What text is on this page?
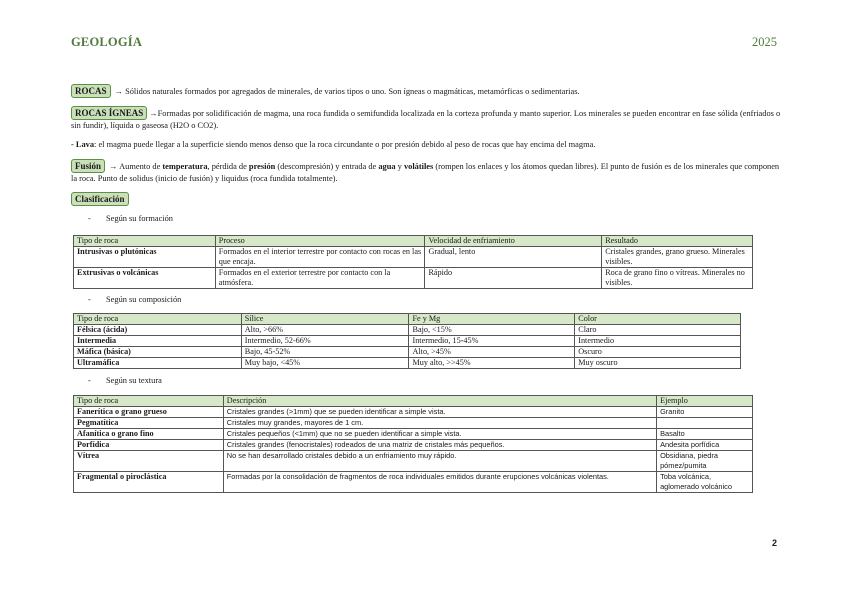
GEOLOGÍA	2025
ROCAS → Sólidos naturales formados por agregados de minerales, de varios tipos o uno. Son ígneas o magmáticas, metamórficas o sedimentarias.
ROCAS ÍGNEAS →Formadas por solidificación de magma, una roca fundida o semifundida localizada en la corteza profunda y manto superior. Los minerales se pueden encontrar en fase sólida (enfriados o sin fundir), líquida o gaseosa (H2O o CO2).
- Lava: el magma puede llegar a la superficie siendo menos denso que la roca circundante o por presión debido al peso de rocas que hay encima del magma.
Fusión → Aumento de temperatura, pérdida de presión (descompresión) y entrada de agua y volátiles (rompen los enlaces y los átomos quedan libres). El punto de fusión es de los minerales que componen la roca. Punto de solidus (inicio de fusión) y liquidus (roca fundida totalmente).
Clasificación
- Según su formación
Tipo de roca	Proceso	Velocidad de enfriamiento	Resultado
Intrusivas o plutónicas	Formados en el interior terrestre por contacto con rocas en las que encaja.	Gradual, lento	Cristales grandes, grano grueso. Minerales visibles.
Extrusivas o volcánicas	Formados en el exterior terrestre por contacto con la atmósfera.	Rápido	Roca de grano fino o vítreas. Minerales no visibles.
- Según su composición
Tipo de roca	Sílice	Fe y Mg	Color
Félsica (ácida)	Alto, >66%	Bajo, <15%	Claro
Intermedia	Intermedio, 52-66%	Intermedio, 15-45%	Intermedio
Máfica (básica)	Bajo, 45-52%	Alto, >45%	Oscuro
Ultramáfica	Muy bajo, <45%	Muy alto, >>45%	Muy oscuro
- Según su textura
Tipo de roca	Descripción	Ejemplo
Fanerítica o grano grueso	Cristales grandes (>1mm) que se pueden identificar a simple vista.	Granito
Pegmatítica	Cristales muy grandes, mayores de 1 cm.	
Afanítica o grano fino	Cristales pequeños (<1mm) que no se pueden identificar a simple vista.	Basalto
Porfídica	Cristales grandes (fenocristales) rodeados de una matriz de cristales más pequeños.	Andesita porfídica
Vítrea	No se han desarrollado cristales debido a un enfriamiento muy rápido.	Obsidiana, piedra pómez/pumita
Fragmental o piroclástica	Formadas por la consolidación de fragmentos de roca individuales emitidos durante erupciones volcánicas violentas.	Toba volcánica, aglomerado volcánico
2
